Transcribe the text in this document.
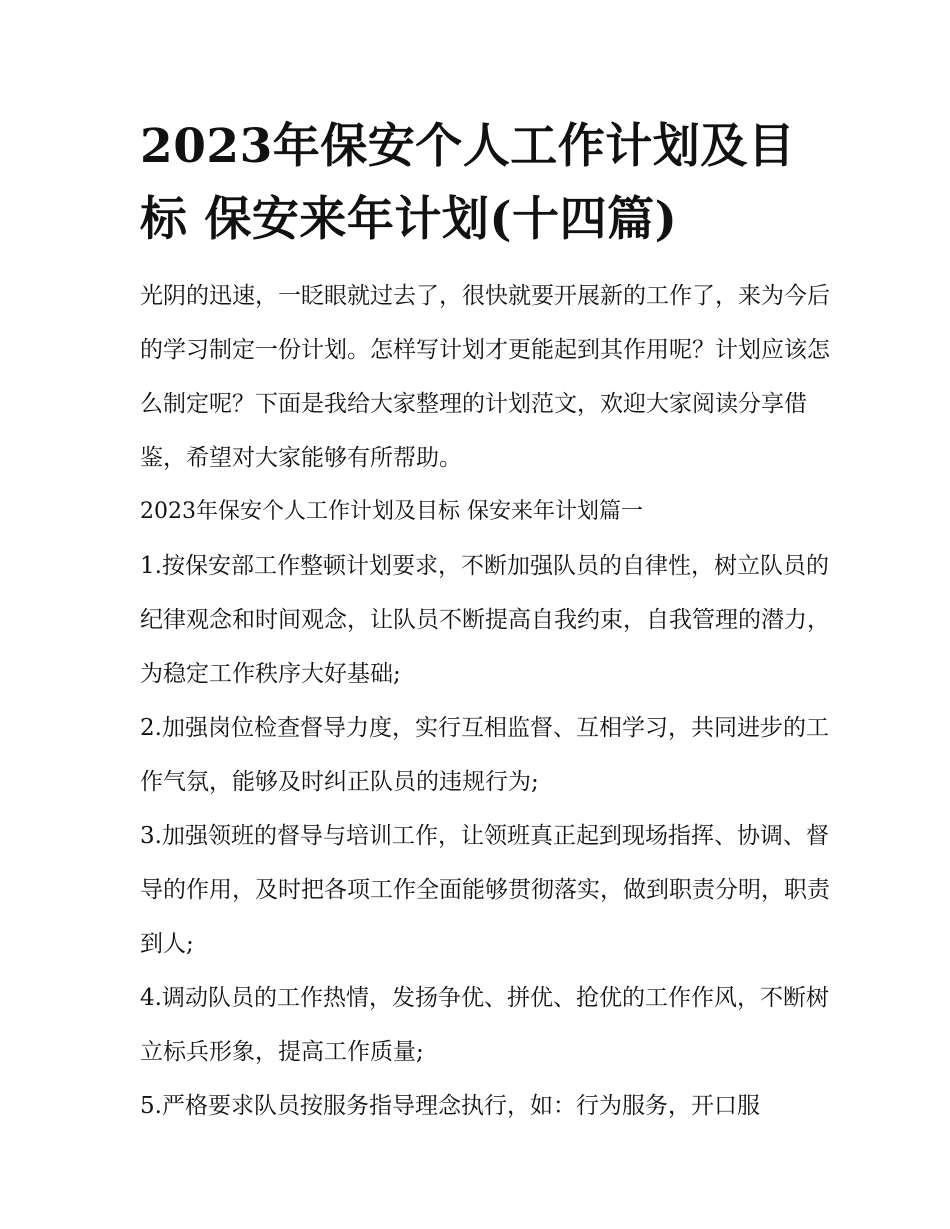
2023年保安个人工作计划及目标 保安来年计划(十四篇)

光阴的迅速，一眨眼就过去了，很快就要开展新的工作了，来为今后的学习制定一份计划。怎样写计划才更能起到其作用呢？计划应该怎么制定呢？下面是我给大家整理的计划范文，欢迎大家阅读分享借鉴，希望对大家能够有所帮助。

2023年保安个人工作计划及目标 保安来年计划篇一

1.按保安部工作整顿计划要求，不断加强队员的自律性，树立队员的纪律观念和时间观念，让队员不断提高自我约束，自我管理的潜力，为稳定工作秩序大好基础;

2.加强岗位检查督导力度，实行互相监督、互相学习，共同进步的工作气氛，能够及时纠正队员的违规行为;

3.加强领班的督导与培训工作，让领班真正起到现场指挥、协调、督导的作用，及时把各项工作全面能够贯彻落实，做到职责分明，职责到人;

4.调动队员的工作热情，发扬争优、拼优、抢优的工作作风，不断树立标兵形象，提高工作质量;

5.严格要求队员按服务指导理念执行，如：行为服务，开口服
